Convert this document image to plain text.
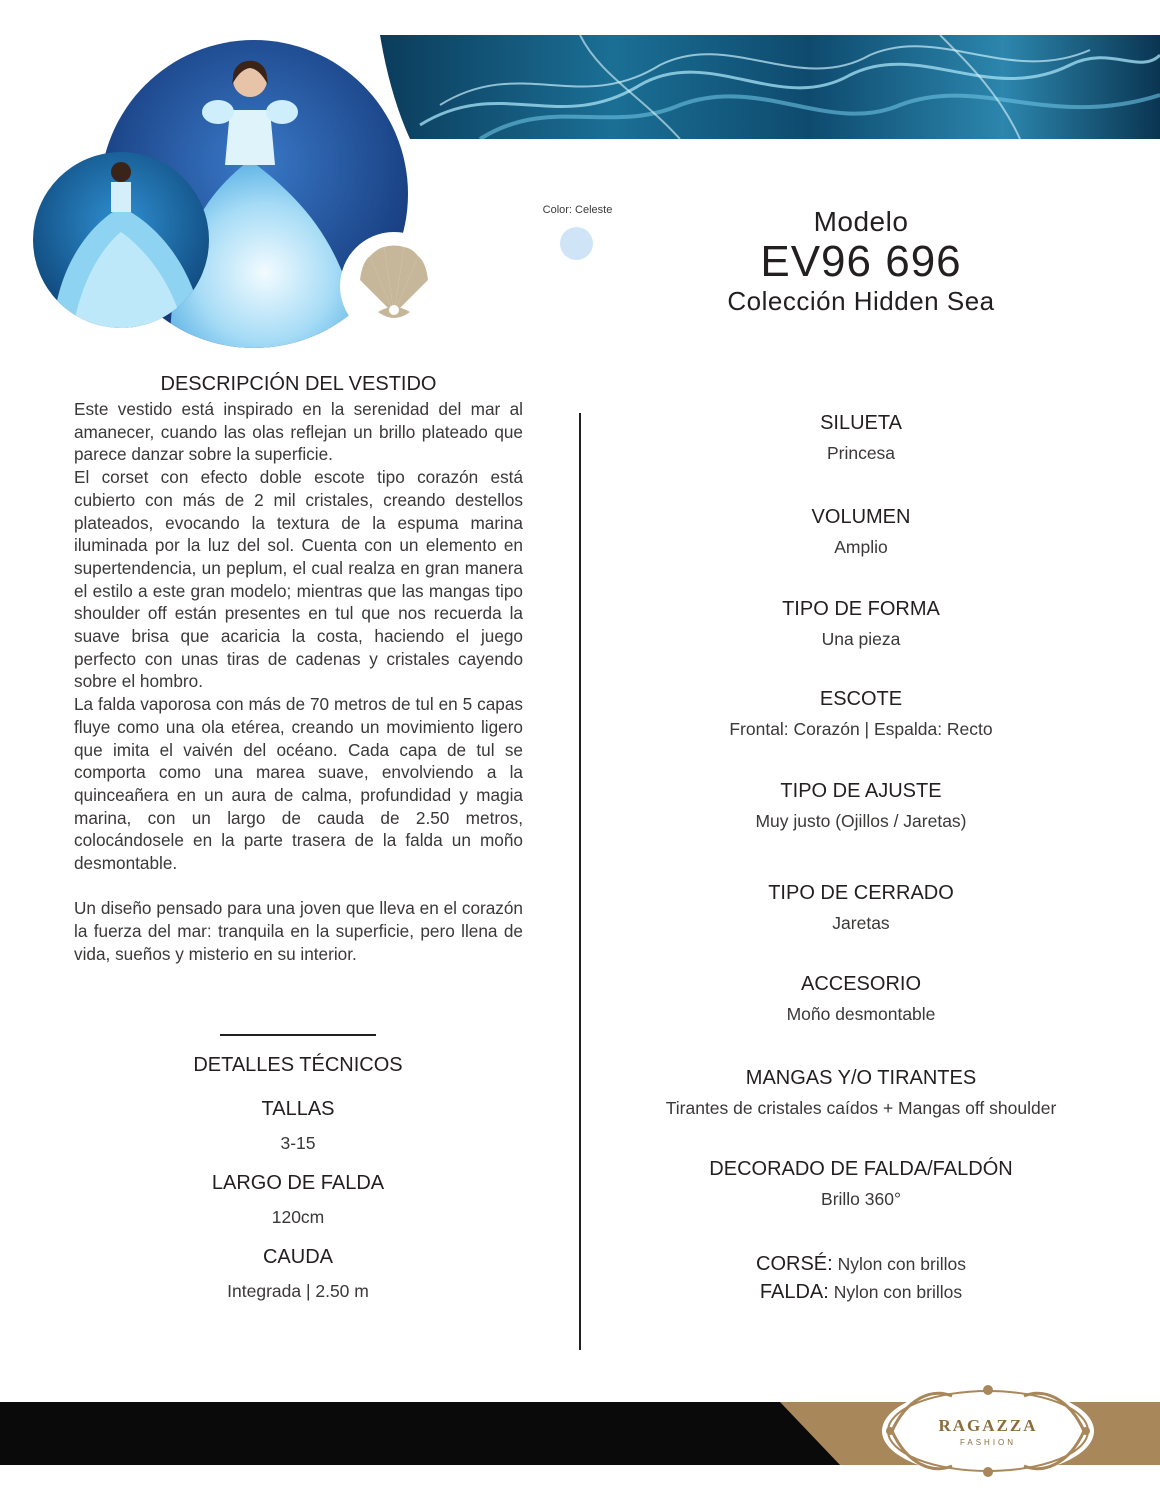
Color: Celeste	Modelo
EV96 696
Colección Hidden Sea
DESCRIPCIÓN DEL VESTIDO

Este vestido está inspirado en la serenidad del mar al amanecer, cuando las olas reflejan un brillo plateado que parece danzar sobre la superficie.

El corset con efecto doble escote tipo corazón está cubierto con más de 2 mil cristales, creando destellos plateados, evocando la textura de la espuma marina iluminada por la luz del sol. Cuenta con un elemento en supertendencia, un peplum, el cual realza en gran manera el estilo a este gran modelo; mientras que las mangas tipo shoulder off están presentes en tul que nos recuerda la suave brisa que acaricia la costa, haciendo el juego perfecto con unas tiras de cadenas y cristales cayendo sobre el hombro.

La falda vaporosa con más de 70 metros de tul en 5 capas fluye como una ola etérea, creando un movimiento ligero que imita el vaivén del océano. Cada capa de tul se comporta como una marea suave, envolviendo a la quinceañera en un aura de calma, profundidad y magia marina, con un largo de cauda de 2.50 metros, colocándosele en la parte trasera de la falda un moño desmontable.

Un diseño pensado para una joven que lleva en el corazón la fuerza del mar: tranquila en la superficie, pero llena de vida, sueños y misterio en su interior.

DETALLES TÉCNICOS
TALLAS
3-15
LARGO DE FALDA
120cm
CAUDA
Integrada | 2.50 m
SILUETA
Princesa
VOLUMEN
Amplio
TIPO DE FORMA
Una pieza
ESCOTE
Frontal: Corazón | Espalda: Recto
TIPO DE AJUSTE
Muy justo (Ojillos / Jaretas)
TIPO DE CERRADO
Jaretas
ACCESORIO
Moño desmontable
MANGAS Y/O TIRANTES
Tirantes de cristales caídos + Mangas off shoulder
DECORADO DE FALDA/FALDÓN
Brillo 360°
CORSÉ: Nylon con brillos
FALDA: Nylon con brillos
RAGAZZA
FASHION
